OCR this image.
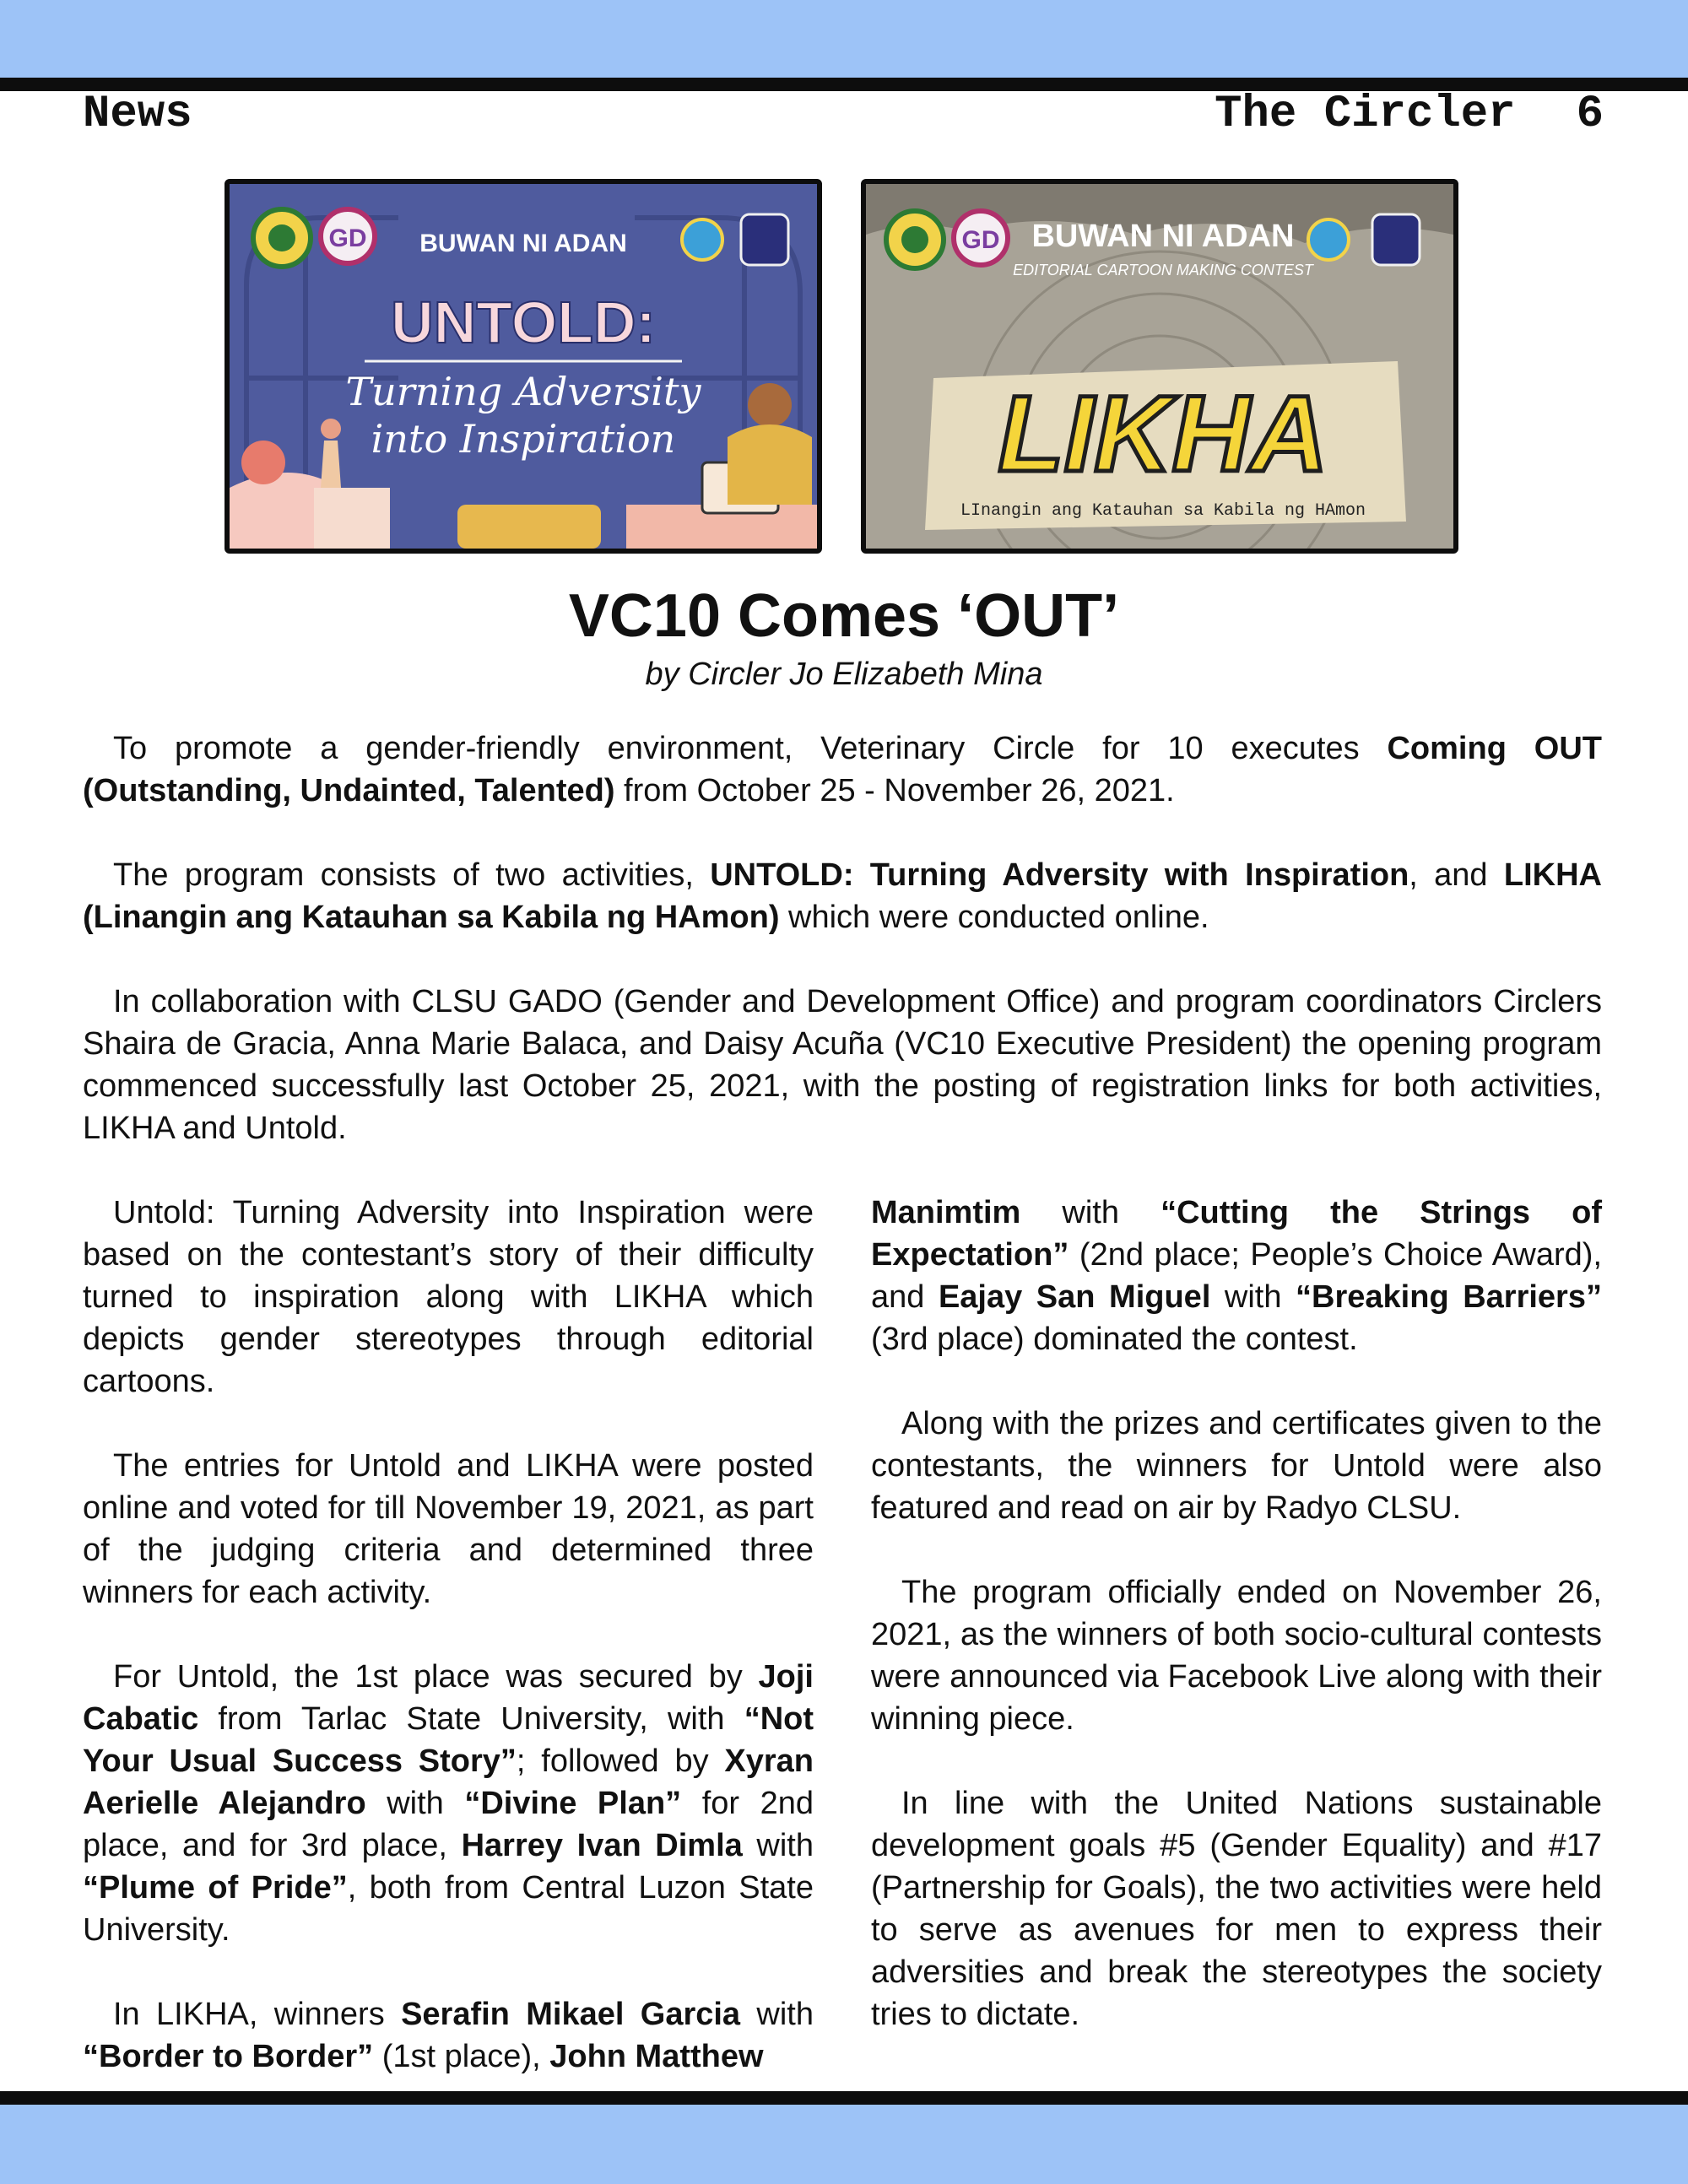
News	The Circler 6
GD BUWAN NI ADAN
UNTOLD:
Turning Adversity
into Inspiration
GD BUWAN NI ADAN
EDITORIAL CARTOON MAKING CONTEST
LIKHA
LInangin ang Katauhan sa Kabila ng HAmon
VC10 Comes ‘OUT’
by Circler Jo Elizabeth Mina

To promote a gender-friendly environment, Veterinary Circle for 10 executes Coming OUT (Outstanding, Undainted, Talented) from October 25 - November 26, 2021.

The program consists of two activities, UNTOLD: Turning Adversity with Inspiration, and LIKHA (Linangin ang Katauhan sa Kabila ng HAmon) which were conducted online.

In collaboration with CLSU GADO (Gender and Development Office) and program coordinators Circlers Shaira de Gracia, Anna Marie Balaca, and Daisy Acuña (VC10 Executive President) the opening program commenced successfully last October 25, 2021, with the posting of registration links for both activities, LIKHA and Untold.

Untold: Turning Adversity into Inspiration were based on the contestant’s story of their difficulty turned to inspiration along with LIKHA which depicts gender stereotypes through editorial cartoons.

The entries for Untold and LIKHA were posted online and voted for till November 19, 2021, as part of the judging criteria and determined three winners for each activity.

For Untold, the 1st place was secured by Joji Cabatic from Tarlac State University, with “Not Your Usual Success Story”; followed by Xyran Aerielle Alejandro with “Divine Plan” for 2nd place, and for 3rd place, Harrey Ivan Dimla with “Plume of Pride”, both from Central Luzon State University.

In LIKHA, winners Serafin Mikael Garcia with “Border to Border” (1st place), John Matthew

Manimtim with “Cutting the Strings of Expectation” (2nd place; People’s Choice Award), and Eajay San Miguel with “Breaking Barriers” (3rd place) dominated the contest.

Along with the prizes and certificates given to the contestants, the winners for Untold were also featured and read on air by Radyo CLSU.

The program officially ended on November 26, 2021, as the winners of both socio-cultural contests were announced via Facebook Live along with their winning piece.

In line with the United Nations sustainable development goals #5 (Gender Equality) and #17 (Partnership for Goals), the two activities were held to serve as avenues for men to express their adversities and break the stereotypes the society tries to dictate.
